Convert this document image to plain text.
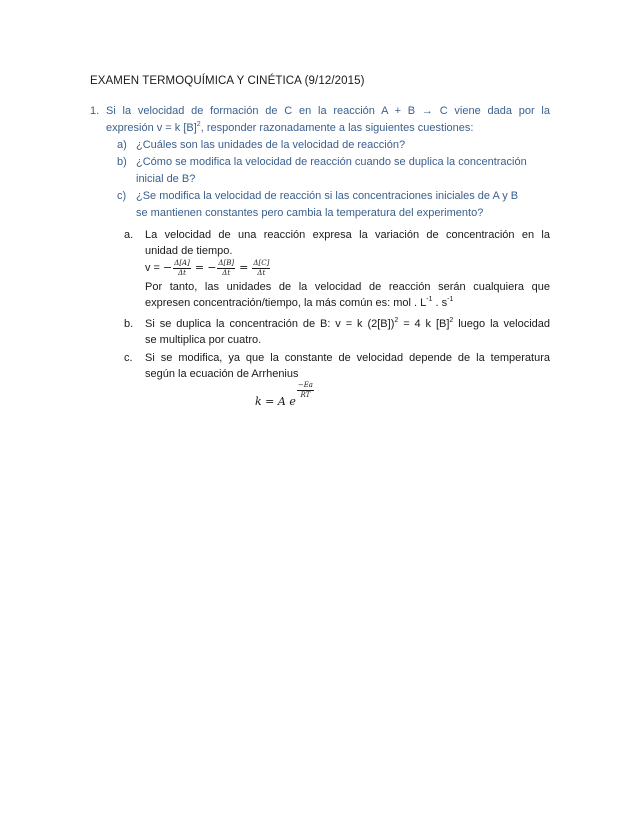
EXAMEN TERMOQUÍMICA Y CINÉTICA (9/12/2015)
1. Si la velocidad de formación de C en la reacción A + B → C viene dada por la
expresión v = k $[B]^2$, responder razonadamente a las siguientes cuestiones:
a) ¿Cuáles son las unidades de la velocidad de reacción?
b) ¿Cómo se modifica la velocidad de reacción cuando se duplica la concentración
inicial de B?
c) ¿Se modifica la velocidad de reacción si las concentraciones iniciales de A y B
se mantienen constantes pero cambia la temperatura del experimento?
a. La velocidad de una reacción expresa la variación de concentración en la
unidad de tiempo.
v = − $\frac{\Delta[A]}{\Delta t}$ = − $\frac{\Delta[B]}{\Delta t} = \frac{\Delta[C]}{\Delta t}$
Por tanto, las unidades de la velocidad de reacción serán cualquiera que
expresen concentración/tiempo, la más común es: mol . $L^{-1}$ . $s^{-1}$
b. Si se duplica la concentración de B: v = k $(2[B])^2 = 4$ k $[B]^2$ luego la velocidad
se multiplica por cuatro.
c. Si se modifica, ya que la constante de velocidad depende de la temperatura
según la ecuación de Arrhenius
k = A e
$\frac{-Ea}{RT}$
